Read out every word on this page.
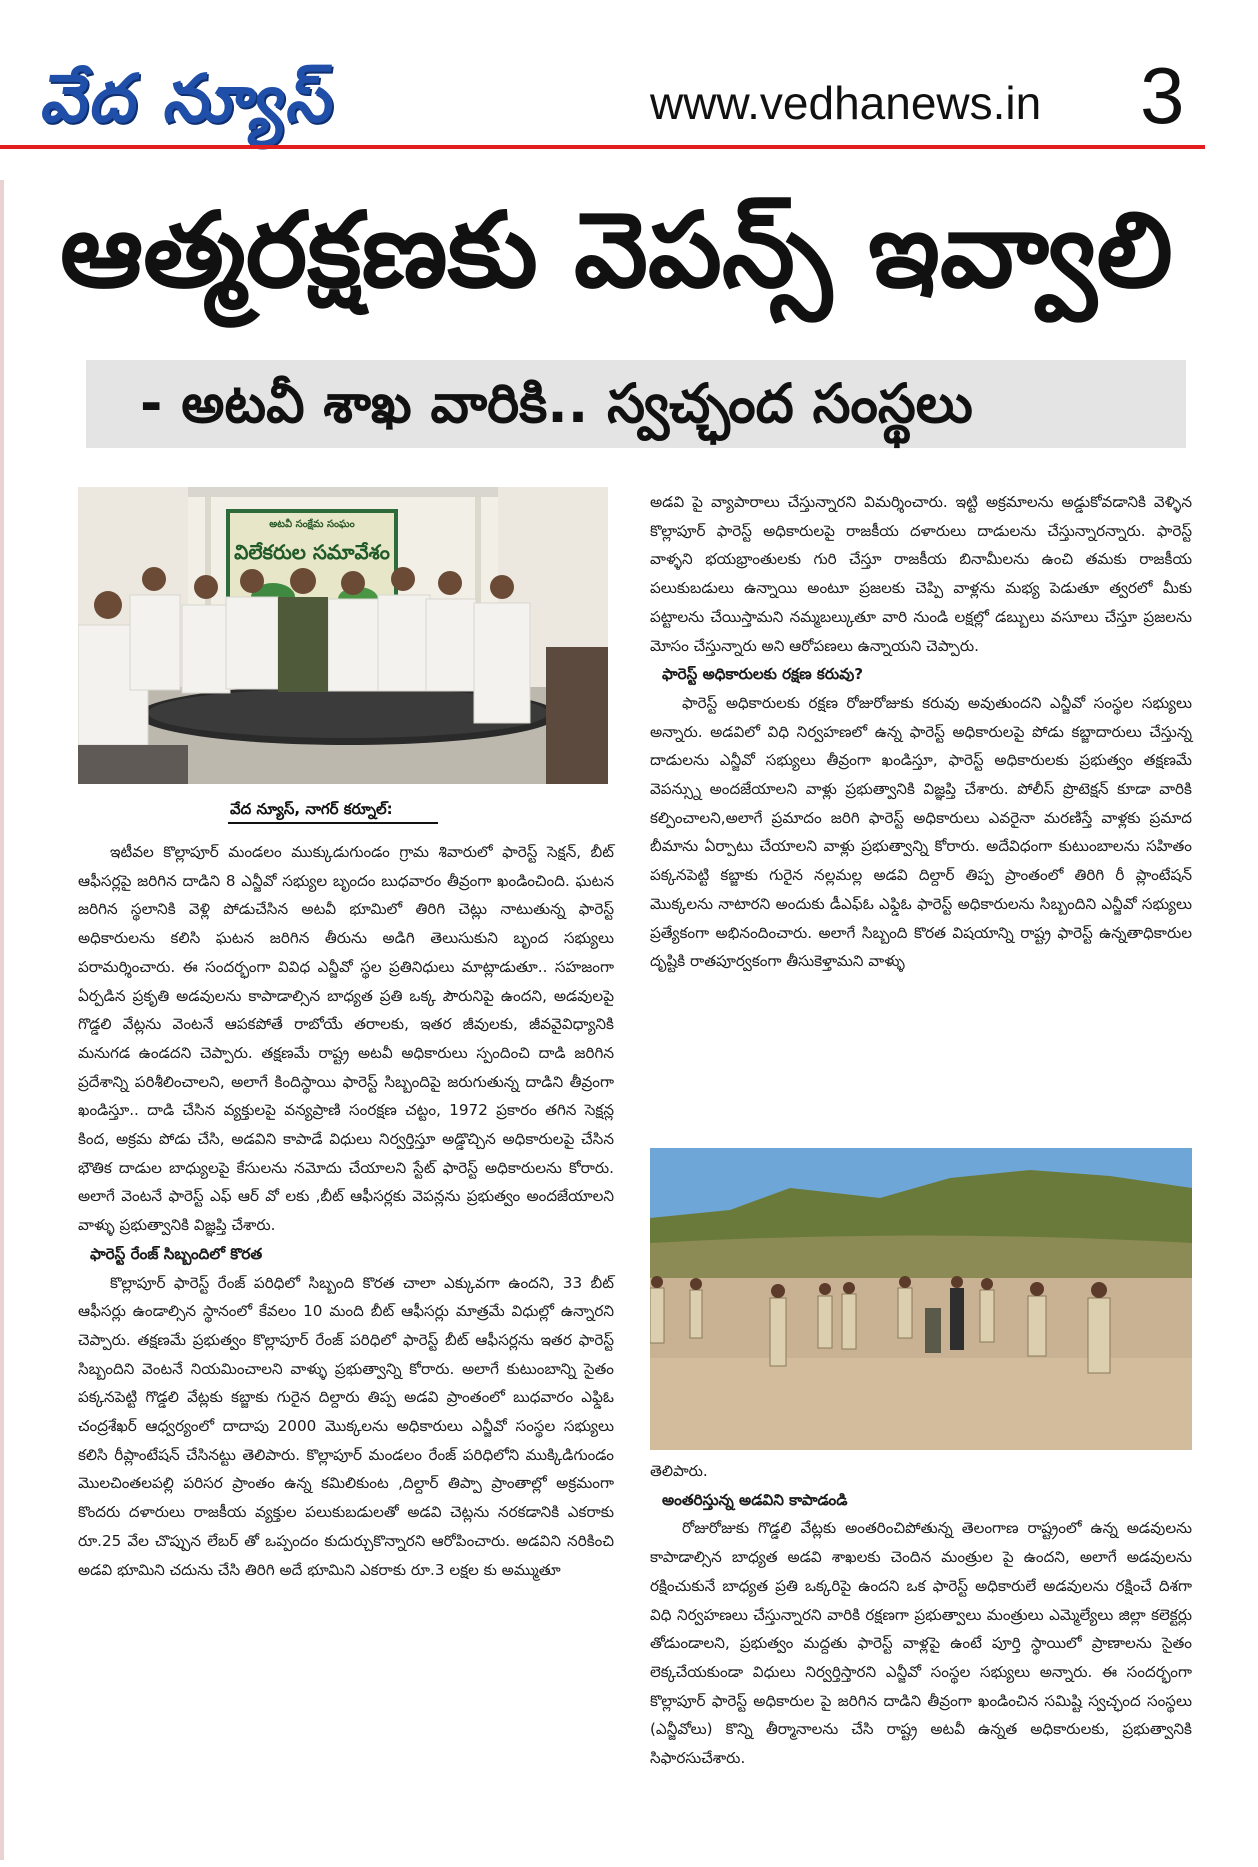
వేద న్యూస్	www.vedhanews.in 3
ఆత్మరక్షణకు వెపన్స్ ఇవ్వాలి
- అటవీ శాఖ వారికి.. స్వచ్ఛంద సంస్థలు
అటవీ సంక్షేమ సంఘం
విలేకరుల సమావేశం
వేద న్యూస్, నాగర్ కర్నూల్:

ఇటీవల కొల్లాపూర్ మండలం ముక్కుడుగుండం గ్రామ శివారులో ఫారెస్ట్ సెక్షన్, బీట్ ఆఫీసర్లపై జరిగిన దాడిని 8 ఎన్జీవో సభ్యుల బృందం బుధవారం తీవ్రంగా ఖండించింది. ఘటన జరిగిన స్థలానికి వెళ్లి పోడుచేసిన అటవీ భూమిలో తిరిగి చెట్లు నాటుతున్న ఫారెస్ట్ అధికారులను కలిసి ఘటన జరిగిన తీరును అడిగి తెలుసుకుని బృంద సభ్యులు పరామర్శించారు. ఈ సందర్భంగా వివిధ ఎన్జీవో స్థల ప్రతినిధులు మాట్లాడుతూ.. సహజంగా ఏర్పడిన ప్రకృతి అడవులను కాపాడాల్సిన బాధ్యత ప్రతి ఒక్క పౌరునిపై ఉందని, అడవులపై గొడ్డలి వేట్లను వెంటనే ఆపకపోతే రాబోయే తరాలకు, ఇతర జీవులకు, జీవవైవిధ్యానికి మనుగడ ఉండదని చెప్పారు. తక్షణమే రాష్ట్ర అటవీ అధికారులు స్పందించి దాడి జరిగిన ప్రదేశాన్ని పరిశీలించాలని, అలాగే కిందిస్థాయి ఫారెస్ట్ సిబ్బందిపై జరుగుతున్న దాడిని తీవ్రంగా ఖండిస్తూ.. దాడి చేసిన వ్యక్తులపై వన్యప్రాణి సంరక్షణ చట్టం, 1972 ప్రకారం తగిన సెక్షన్ల కింద, అక్రమ పోడు చేసి, అడవిని కాపాడే విధులు నిర్వర్తిస్తూ అడ్డొచ్చిన అధికారులపై చేసిన భౌతిక దాడుల బాధ్యులపై కేసులను నమోదు చేయాలని స్టేట్ ఫారెస్ట్ అధికారులను కోరారు. అలాగే వెంటనే ఫారెస్ట్ ఎఫ్ ఆర్ వో లకు ,బీట్ ఆఫీసర్లకు వెపన్లను ప్రభుత్వం అందజేయాలని వాళ్ళు ప్రభుత్వానికి విజ్ఞప్తి చేశారు.

ఫారెస్ట్ రేంజ్ సిబ్బందిలో కొరత

కొల్లాపూర్ ఫారెస్ట్ రేంజ్ పరిధిలో సిబ్బంది కొరత చాలా ఎక్కువగా ఉందని, 33 బీట్ ఆఫీసర్లు ఉండాల్సిన స్థానంలో కేవలం 10 మంది బీట్ ఆఫీసర్లు మాత్రమే విధుల్లో ఉన్నారని చెప్పారు. తక్షణమే ప్రభుత్వం కొల్లాపూర్ రేంజ్ పరిధిలో ఫారెస్ట్ బీట్ ఆఫీసర్లను ఇతర ఫారెస్ట్ సిబ్బందిని వెంటనే నియమించాలని వాళ్ళు ప్రభుత్వాన్ని కోరారు. అలాగే కుటుంబాన్ని సైతం పక్కనపెట్టి గొడ్డలి వేట్లకు కబ్జాకు గురైన దిల్దారు తిప్ప అడవి ప్రాంతంలో బుధవారం ఎఫ్డిఓ చంద్రశేఖర్ ఆధ్వర్యంలో దాదాపు 2000 మొక్కలను అధికారులు ఎన్జీవో సంస్థల సభ్యులు కలిసి రీప్లాంటేషన్ చేసినట్టు తెలిపారు. కొల్లాపూర్ మండలం రేంజ్ పరిధిలోని ముక్కిడిగుండం మొలచింతలపల్లి పరిసర ప్రాంతం ఉన్న కమిలికుంట ,దిల్దార్ తిప్పా ప్రాంతాల్లో అక్రమంగా కొందరు దళారులు రాజకీయ వ్యక్తుల పలుకుబడులతో అడవి చెట్లను నరకడానికి ఎకరాకు రూ.25 వేల చొప్పున లేబర్ తో ఒప్పందం కుదుర్చుకొన్నారని ఆరోపించారు. అడవిని నరికించి అడవి భూమిని చదును చేసి తిరిగి అదే భూమిని ఎకరాకు రూ.3 లక్షల కు అమ్ముతూ

అడవి పై వ్యాపారాలు చేస్తున్నారని విమర్శించారు. ఇట్టి అక్రమాలను అడ్డుకోవడానికి వెళ్ళిన కొల్లాపూర్ ఫారెస్ట్ అధికారులపై రాజకీయ దళారులు దాడులను చేస్తున్నారన్నారు. ఫారెస్ట్ వాళ్ళని భయభ్రాంతులకు గురి చేస్తూ రాజకీయ బినామీలను ఉంచి తమకు రాజకీయ పలుకుబడులు ఉన్నాయి అంటూ ప్రజలకు చెప్పి వాళ్లను మభ్య పెడుతూ త్వరలో మీకు పట్టాలను చేయిస్తామని నమ్మబల్కుతూ వారి నుండి లక్షల్లో డబ్బులు వసూలు చేస్తూ ప్రజలను మోసం చేస్తున్నారు అని ఆరోపణలు ఉన్నాయని చెప్పారు.

ఫారెస్ట్ అధికారులకు రక్షణ కరువు?

ఫారెస్ట్ అధికారులకు రక్షణ రోజురోజుకు కరువు అవుతుందని ఎన్జీవో సంస్థల సభ్యులు అన్నారు. అడవిలో విధి నిర్వహణలో ఉన్న ఫారెస్ట్ అధికారులపై పోడు కబ్జాదారులు చేస్తున్న దాడులను ఎన్జీవో సభ్యులు తీవ్రంగా ఖండిస్తూ, ఫారెస్ట్ అధికారులకు ప్రభుత్వం తక్షణమే వెపన్స్ను అందజేయాలని వాళ్లు ప్రభుత్వానికి విజ్ఞప్తి చేశారు. పోలీస్ ప్రొటెక్షన్ కూడా వారికి కల్పించాలని,అలాగే ప్రమాదం జరిగి ఫారెస్ట్ అధికారులు ఎవరైనా మరణిస్తే వాళ్లకు ప్రమాద బీమాను ఏర్పాటు చేయాలని వాళ్లు ప్రభుత్వాన్ని కోరారు. అదేవిధంగా కుటుంబాలను సహితం పక్కనపెట్టి కబ్జాకు గురైన నల్లమల్ల అడవి దిల్దార్ తిప్ప ప్రాంతంలో తిరిగి రీ ప్లాంటేషన్ మొక్కలను నాటారని అందుకు డీఎఫ్ఓ ఎఫ్డిఓ ఫారెస్ట్ అధికారులను సిబ్బందిని ఎన్జీవో సభ్యులు ప్రత్యేకంగా అభినందించారు. అలాగే సిబ్బంది కొరత విషయాన్ని రాష్ట్ర ఫారెస్ట్ ఉన్నతాధికారుల దృష్టికి రాతపూర్వకంగా తీసుకెళ్తామని వాళ్ళు

తెలిపారు.

అంతరిస్తున్న అడవిని కాపాడండి

రోజురోజుకు గొడ్డలి వేట్లకు అంతరించిపోతున్న తెలంగాణ రాష్ట్రంలో ఉన్న అడవులను కాపాడాల్సిన బాధ్యత అడవి శాఖలకు చెందిన మంత్రుల పై ఉందని, అలాగే అడవులను రక్షించుకునే బాధ్యత ప్రతి ఒక్కరిపై ఉందని ఒక ఫారెస్ట్ అధికారులే అడవులను రక్షించే దిశగా విధి నిర్వహణలు చేస్తున్నారని వారికి రక్షణగా ప్రభుత్వాలు మంత్రులు ఎమ్మెల్యేలు జిల్లా కలెక్టర్లు తోడుండాలని, ప్రభుత్వం మద్దతు ఫారెస్ట్ వాళ్లపై ఉంటే పూర్తి స్థాయిలో ప్రాణాలను సైతం లెక్కచేయకుండా విధులు నిర్వర్తిస్తారని ఎన్జీవో సంస్థల సభ్యులు అన్నారు. ఈ సందర్భంగా కొల్లాపూర్ ఫారెస్ట్ అధికారుల పై జరిగిన దాడిని తీవ్రంగా ఖండించిన సమిష్టి స్వచ్ఛంద సంస్థలు (ఎన్జీవోలు) కొన్ని తీర్మానాలను చేసి రాష్ట్ర అటవీ ఉన్నత అధికారులకు, ప్రభుత్వానికి సిఫారసుచేశారు.
